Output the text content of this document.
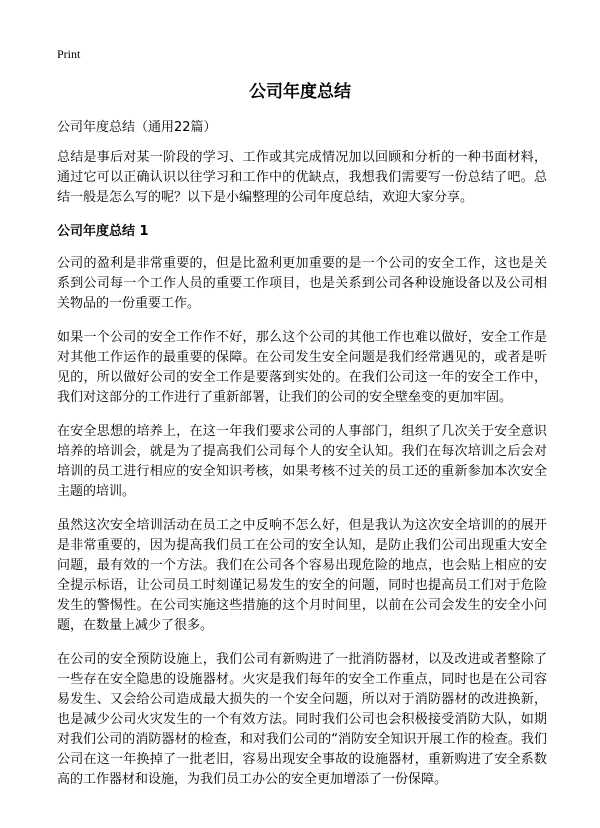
Print
公司年度总结

公司年度总结（通用22篇）

总结是事后对某一阶段的学习、工作或其完成情况加以回顾和分析的一种书面材料，通过它可以正确认识以往学习和工作中的优缺点，我想我们需要写一份总结了吧。总结一般是怎么写的呢？以下是小编整理的公司年度总结，欢迎大家分享。

公司年度总结 1

公司的盈利是非常重要的，但是比盈利更加重要的是一个公司的安全工作，这也是关系到公司每一个工作人员的重要工作项目，也是关系到公司各种设施设备以及公司相关物品的一份重要工作。

如果一个公司的安全工作作不好，那么这个公司的其他工作也难以做好，安全工作是对其他工作运作的最重要的保障。在公司发生安全问题是我们经常遇见的，或者是听见的，所以做好公司的安全工作是要落到实处的。在我们公司这一年的安全工作中，我们对这部分的工作进行了重新部署，让我们的公司的安全壁垒变的更加牢固。

在安全思想的培养上，在这一年我们要求公司的人事部门，组织了几次关于安全意识培养的培训会，就是为了提高我们公司每个人的安全认知。我们在每次培训之后会对培训的员工进行相应的安全知识考核，如果考核不过关的员工还的重新参加本次安全主题的培训。

虽然这次安全培训活动在员工之中反响不怎么好，但是我认为这次安全培训的的展开是非常重要的，因为提高我们员工在公司的安全认知，是防止我们公司出现重大安全问题，最有效的一个方法。我们在公司各个容易出现危险的地点，也会贴上相应的安全提示标语，让公司员工时刻谨记易发生的安全的问题，同时也提高员工们对于危险发生的警惕性。在公司实施这些措施的这个月时间里，以前在公司会发生的安全小问题，在数量上减少了很多。

在公司的安全预防设施上，我们公司有新购进了一批消防器材，以及改进或者整除了一些存在安全隐患的设施器材。火灾是我们每年的安全工作重点，同时也是在公司容易发生、又会给公司造成最大损失的一个安全问题，所以对于消防器材的改进换新，也是减少公司火灾发生的一个有效方法。同时我们公司也会积极接受消防大队，如期对我们公司的消防器材的检查，和对我们公司的“消防安全知识开展工作的检查。我们公司在这一年换掉了一批老旧，容易出现安全事故的设施器材，重新购进了安全系数高的工作器材和设施，为我们员工办公的安全更加增添了一份保障。
